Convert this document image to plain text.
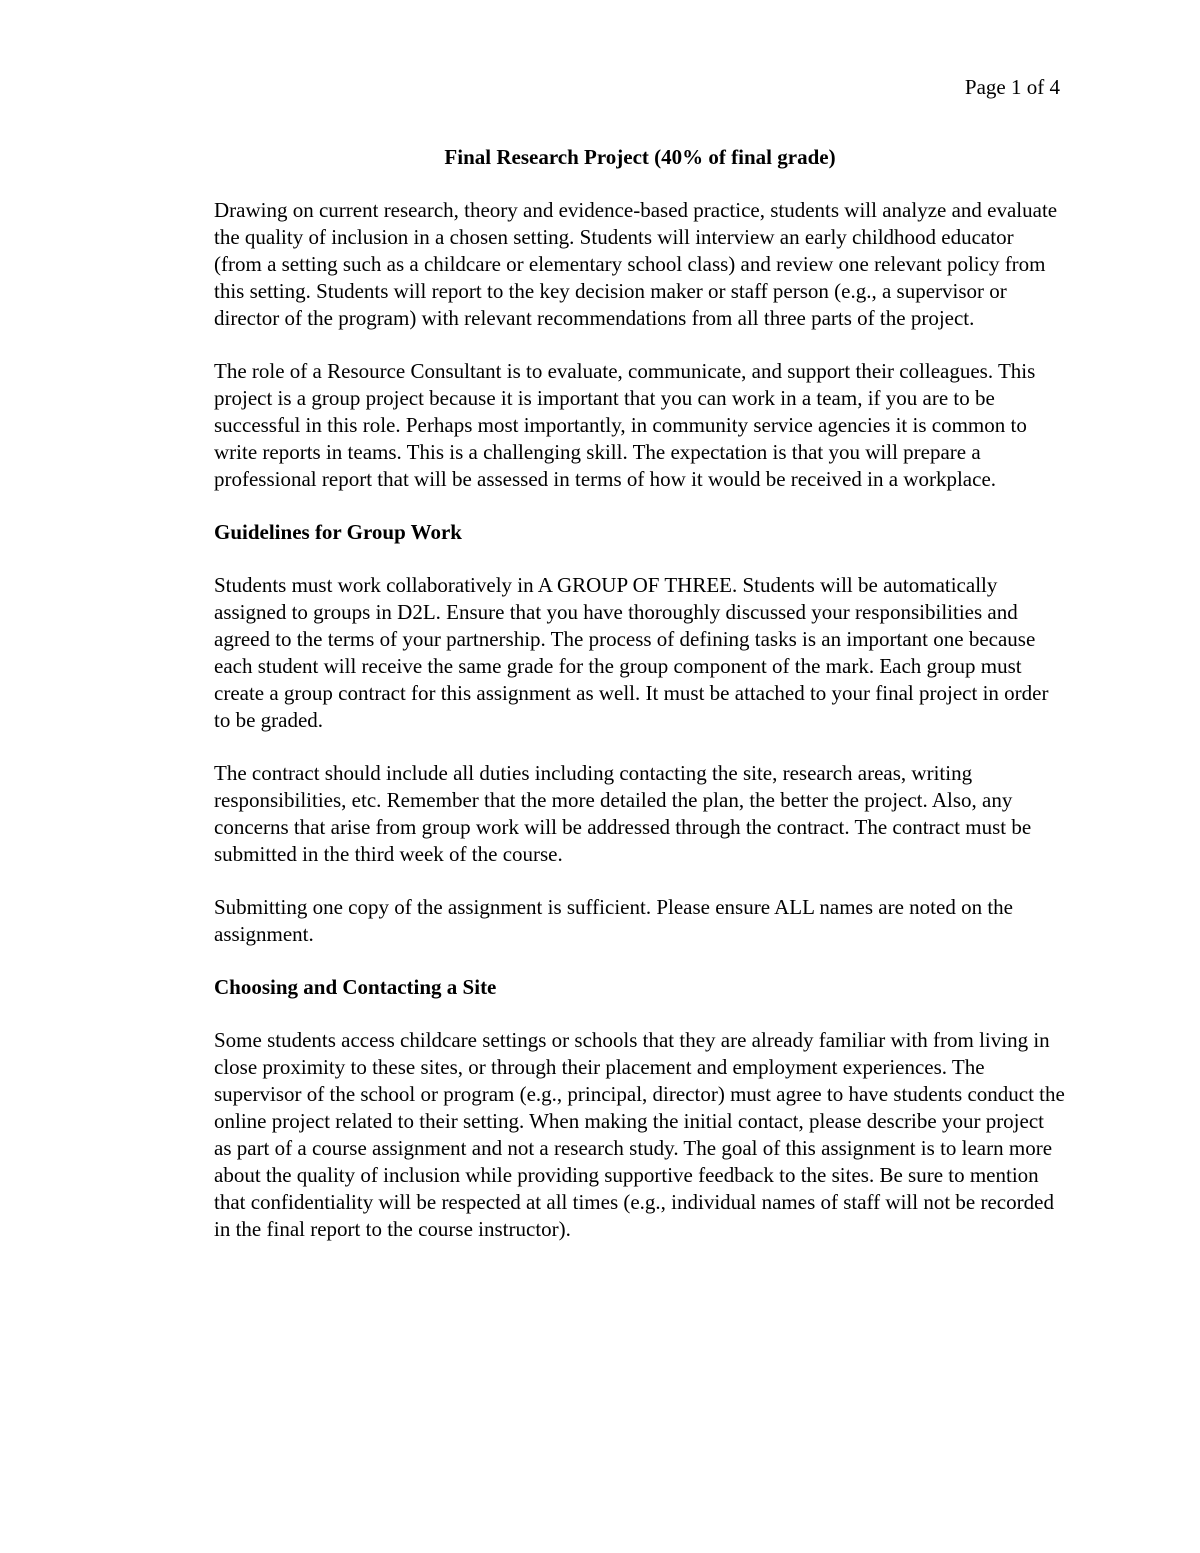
Page 1 of 4

Final Research Project (40% of final grade)

Drawing on current research, theory and evidence-based practice, students will analyze and evaluate the quality of inclusion in a chosen setting. Students will interview an early childhood educator (from a setting such as a childcare or elementary school class) and review one relevant policy from this setting. Students will report to the key decision maker or staff person (e.g., a supervisor or director of the program) with relevant recommendations from all three parts of the project.

The role of a Resource Consultant is to evaluate, communicate, and support their colleagues. This project is a group project because it is important that you can work in a team, if you are to be successful in this role. Perhaps most importantly, in community service agencies it is common to write reports in teams. This is a challenging skill. The expectation is that you will prepare a professional report that will be assessed in terms of how it would be received in a workplace.

Guidelines for Group Work

Students must work collaboratively in A GROUP OF THREE. Students will be automatically assigned to groups in D2L. Ensure that you have thoroughly discussed your responsibilities and agreed to the terms of your partnership. The process of defining tasks is an important one because each student will receive the same grade for the group component of the mark. Each group must create a group contract for this assignment as well. It must be attached to your final project in order to be graded.

The contract should include all duties including contacting the site, research areas, writing responsibilities, etc. Remember that the more detailed the plan, the better the project. Also, any concerns that arise from group work will be addressed through the contract. The contract must be submitted in the third week of the course.

Submitting one copy of the assignment is sufficient. Please ensure ALL names are noted on the assignment.

Choosing and Contacting a Site

Some students access childcare settings or schools that they are already familiar with from living in close proximity to these sites, or through their placement and employment experiences. The supervisor of the school or program (e.g., principal, director) must agree to have students conduct the online project related to their setting. When making the initial contact, please describe your project as part of a course assignment and not a research study. The goal of this assignment is to learn more about the quality of inclusion while providing supportive feedback to the sites. Be sure to mention that confidentiality will be respected at all times (e.g., individual names of staff will not be recorded in the final report to the course instructor).
